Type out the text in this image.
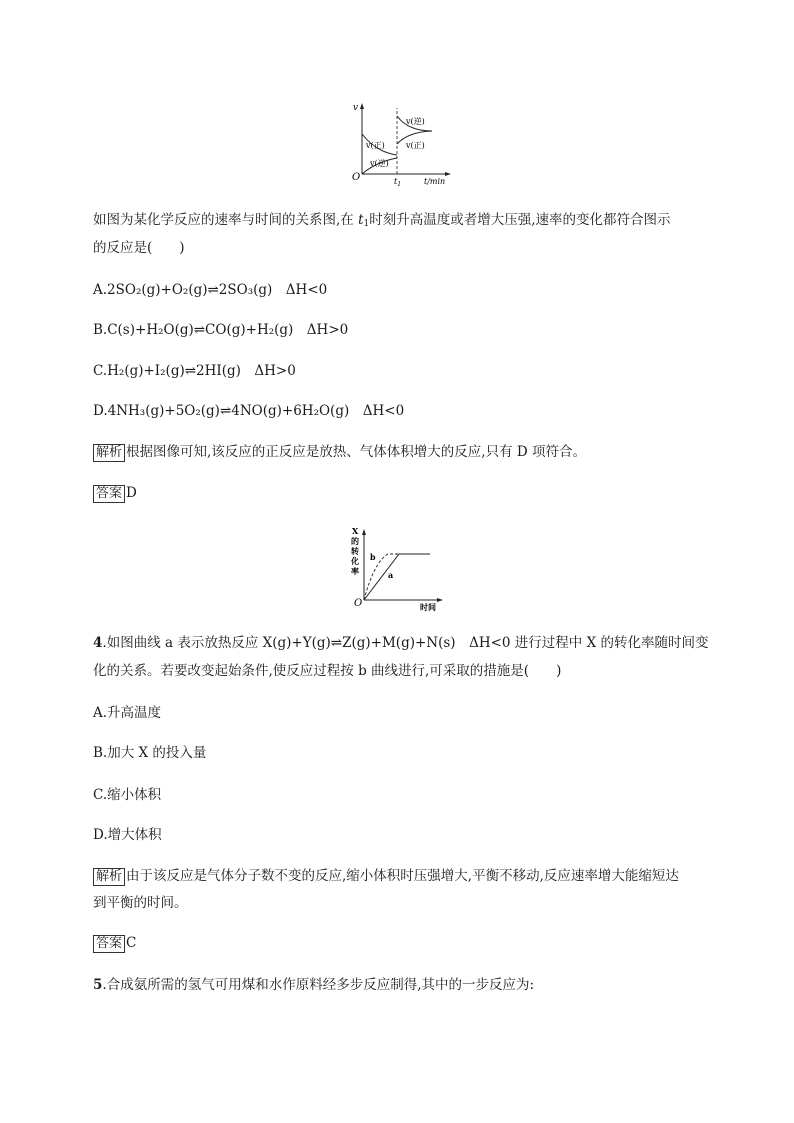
v
O	t/min
$t_1$
v(正)
v(逆)
v(逆)
v(正)
如图为某化学反应的速率与时间的关系图,在 $t_1$时刻升高温度或者增大压强,速率的变化都符合图示
的反应是(　　)
A.2SO₂(g)+O₂(g)⇌2SO₃(g)　ΔH<0
B.C(s)+H₂O(g)⇌CO(g)+H₂(g)　ΔH>0
C.H₂(g)+I₂(g)⇌2HI(g)　ΔH>0
D.4NH₃(g)+5O₂(g)⇌4NO(g)+6H₂O(g)　ΔH<0
解析 根据图像可知,该反应的正反应是放热、气体体积增大的反应,只有 D 项符合。
答案 D
X
的
转
化
率
O	时间
b
a
4.如图曲线 a 表示放热反应 X(g)+Y(g)⇌Z(g)+M(g)+N(s)　ΔH<0 进行过程中 X 的转化率随时间变
化的关系。若要改变起始条件,使反应过程按 b 曲线进行,可采取的措施是(　　)
A.升高温度
B.加大 X 的投入量
C.缩小体积
D.增大体积
解析 由于该反应是气体分子数不变的反应,缩小体积时压强增大,平衡不移动,反应速率增大能缩短达
到平衡的时间。
答案 C
5.合成氨所需的氢气可用煤和水作原料经多步反应制得,其中的一步反应为:
